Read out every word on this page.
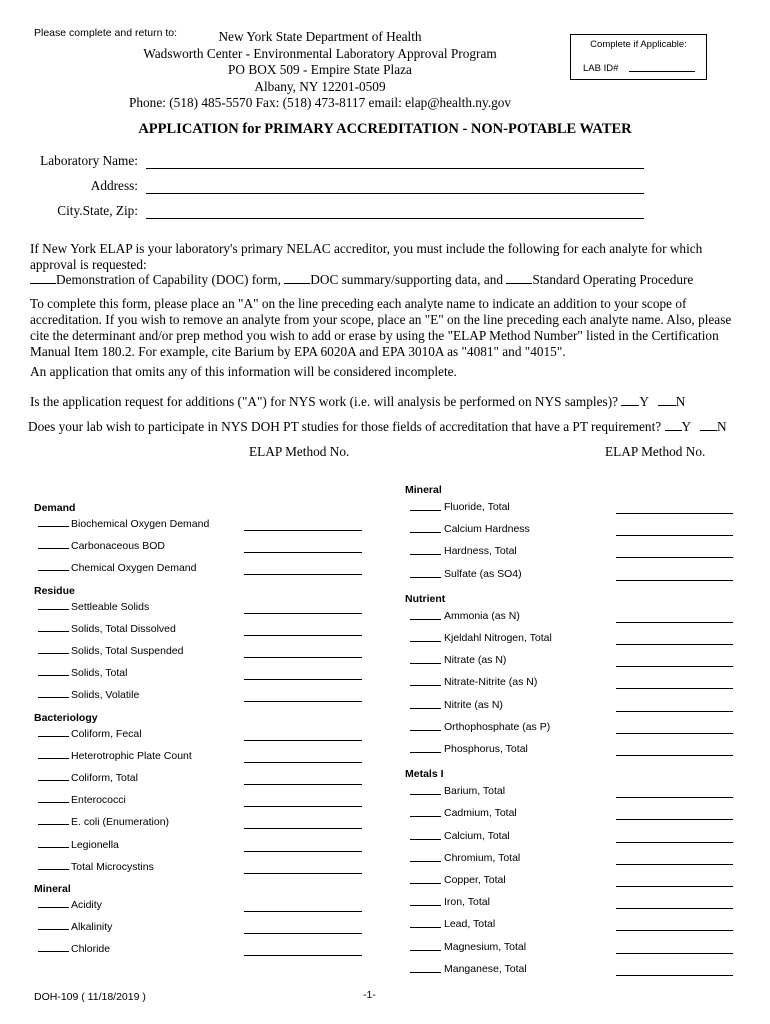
Please complete and return to:	New York State Department of Health
Wadsworth Center - Environmental Laboratory Approval Program
PO BOX 509 - Empire State Plaza
Albany, NY 12201-0509
Phone: (518) 485-5570 Fax: (518) 473-8117 email: elap@health.ny.gov
Complete if Applicable:
LAB ID#
APPLICATION for PRIMARY ACCREDITATION - NON-POTABLE WATER
Laboratory Name:
Address:
City.State, Zip:
If New York ELAP is your laboratory's primary NELAC accreditor, you must include the following for each analyte for which approval is requested:
Demonstration of Capability (DOC) form, DOC summary/supporting data, and Standard Operating Procedure
To complete this form, please place an "A" on the line preceding each analyte name to indicate an addition to your scope of accreditation. If you wish to remove an analyte from your scope, place an "E" on the line preceding each analyte name. Also, please cite the determinant and/or prep method you wish to add or erase by using the "ELAP Method Number" listed in the Certification Manual Item 180.2. For example, cite Barium by EPA 6020A and EPA 3010A as "4081" and "4015".
An application that omits any of this information will be considered incomplete.
Is the application request for additions ("A") for NYS work (i.e. will analysis be performed on NYS samples)? Y N
Does your lab wish to participate in NYS DOH PT studies for those fields of accreditation that have a PT requirement? Y N
ELAP Method No.	ELAP Method No.
Demand
Biochemical Oxygen Demand
Carbonaceous BOD
Chemical Oxygen Demand
Residue
Settleable Solids
Solids, Total Dissolved
Solids, Total Suspended
Solids, Total
Solids, Volatile
Bacteriology
Coliform, Fecal
Heterotrophic Plate Count
Coliform, Total
Enterococci
E. coli (Enumeration)
Legionella
Total Microcystins
Mineral
Acidity
Alkalinity
Chloride
Mineral
Fluoride, Total
Calcium Hardness
Hardness, Total
Sulfate (as SO4)
Nutrient
Ammonia (as N)
Kjeldahl Nitrogen, Total
Nitrate (as N)
Nitrate-Nitrite (as N)
Nitrite (as N)
Orthophosphate (as P)
Phosphorus, Total
Metals I
Barium, Total
Cadmium, Total
Calcium, Total
Chromium, Total
Copper, Total
Iron, Total
Lead, Total
Magnesium, Total
Manganese, Total
DOH-109 ( 11/18/2019 )	-1-
